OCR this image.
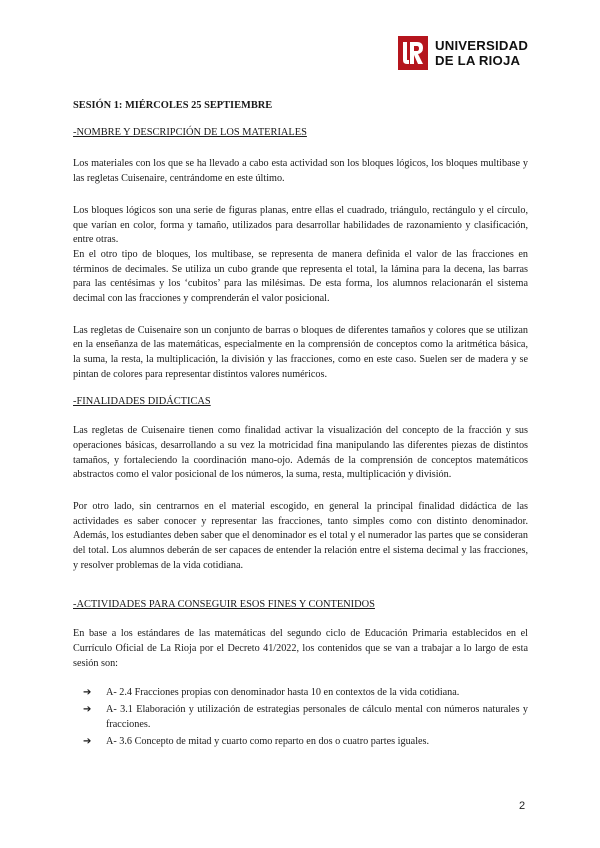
UNIVERSIDAD
DE LA RIOJA

SESIÓN 1: MIÉRCOLES 25 SEPTIEMBRE

-NOMBRE Y DESCRIPCIÓN DE LOS MATERIALES

Los materiales con los que se ha llevado a cabo esta actividad son los bloques lógicos, los bloques multibase y las regletas Cuisenaire, centrándome en este último.

Los bloques lógicos son una serie de figuras planas, entre ellas el cuadrado, triángulo, rectángulo y el círculo, que varían en color, forma y tamaño, utilizados para desarrollar habilidades de razonamiento y clasificación, entre otras.

En el otro tipo de bloques, los multibase, se representa de manera definida el valor de las fracciones en términos de decimales. Se utiliza un cubo grande que representa el total, la lámina para la decena, las barras para las centésimas y los ‘cubitos’ para las milésimas. De esta forma, los alumnos relacionarán el sistema decimal con las fracciones y comprenderán el valor posicional.

Las regletas de Cuisenaire son un conjunto de barras o bloques de diferentes tamaños y colores que se utilizan en la enseñanza de las matemáticas, especialmente en la comprensión de conceptos como la aritmética básica, la suma, la resta, la multiplicación, la división y las fracciones, como en este caso. Suelen ser de madera y se pintan de colores para representar distintos valores numéricos.

-FINALIDADES DIDÁCTICAS

Las regletas de Cuisenaire tienen como finalidad activar la visualización del concepto de la fracción y sus operaciones básicas, desarrollando a su vez la motricidad fina manipulando las diferentes piezas de distintos tamaños, y fortaleciendo la coordinación mano-ojo. Además de la comprensión de conceptos matemáticos abstractos como el valor posicional de los números, la suma, resta, multiplicación y división.

Por otro lado, sin centrarnos en el material escogido, en general la principal finalidad didáctica de las actividades es saber conocer y representar las fracciones, tanto simples como con distinto denominador. Además, los estudiantes deben saber que el denominador es el total y el numerador las partes que se consideran del total. Los alumnos deberán de ser capaces de entender la relación entre el sistema decimal y las fracciones, y resolver problemas de la vida cotidiana.

-ACTIVIDADES PARA CONSEGUIR ESOS FINES Y CONTENIDOS

En base a los estándares de las matemáticas del segundo ciclo de Educación Primaria establecidos en el Currículo Oficial de La Rioja por el Decreto 41/2022, los contenidos que se van a trabajar a lo largo de esta sesión son:

➔	A- 2.4 Fracciones propias con denominador hasta 10 en contextos de la vida cotidiana.
➔	A- 3.1 Elaboración y utilización de estrategias personales de cálculo mental con números naturales y fracciones.
➔	A- 3.6 Concepto de mitad y cuarto como reparto en dos o cuatro partes iguales.
2
